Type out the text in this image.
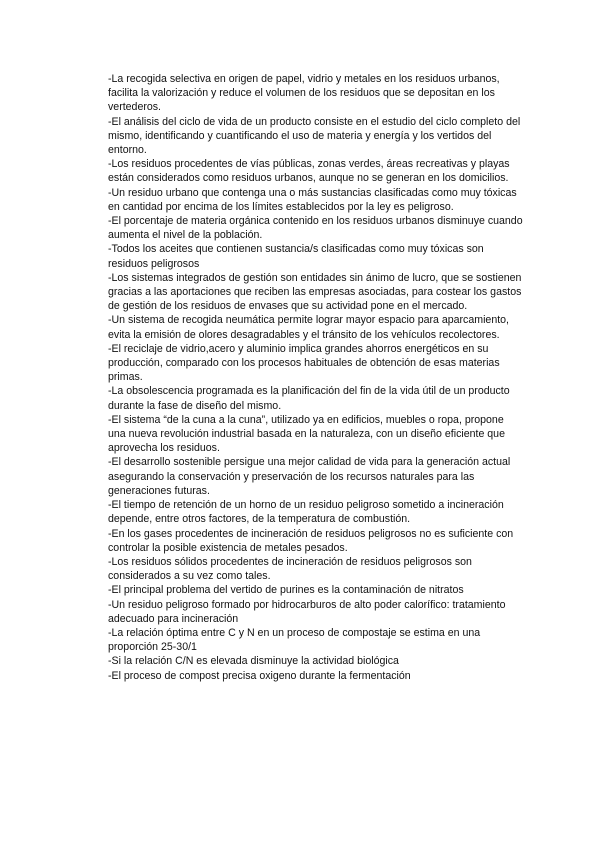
-La recogida selectiva en origen de papel, vidrio y metales en los residuos urbanos, facilita la valorización y reduce el volumen de los residuos que se depositan en los vertederos.

-El análisis del ciclo de vida de un producto consiste en el estudio del ciclo completo del mismo, identificando y cuantificando el uso de materia y energía y los vertidos del entorno.

-Los residuos procedentes de vías públicas, zonas verdes, áreas recreativas y playas están considerados como residuos urbanos, aunque no se generan en los domicilios.

-Un residuo urbano que contenga una o más sustancias clasificadas como muy tóxicas en cantidad por encima de los límites establecidos por la ley es peligroso.

-El porcentaje de materia orgánica contenido en los residuos urbanos disminuye cuando aumenta el nivel de la población.

-Todos los aceites que contienen sustancia/s clasificadas como muy tóxicas son residuos peligrosos

-Los sistemas integrados de gestión son entidades sin ánimo de lucro, que se sostienen gracias a las aportaciones que reciben las empresas asociadas, para costear los gastos de gestión de los residuos de envases que su actividad pone en el mercado.

-Un sistema de recogida neumática permite lograr mayor espacio para aparcamiento, evita la emisión de olores desagradables y el tránsito de los vehículos recolectores.

-El reciclaje de vidrio,acero y aluminio implica grandes ahorros energéticos en su producción, comparado con los procesos habituales de obtención de esas materias primas.

-La obsolescencia programada es la planificación del fin de la vida útil de un producto durante la fase de diseño del mismo.

-El sistema “de la cuna a la cuna”, utilizado ya en edificios, muebles o ropa, propone una nueva revolución industrial basada en la naturaleza, con un diseño eficiente que aprovecha los residuos.

-El desarrollo sostenible persigue una mejor calidad de vida para la generación actual asegurando la conservación y preservación de los recursos naturales para las generaciones futuras.

-El tiempo de retención de un horno de un residuo peligroso sometido a incineración depende, entre otros factores, de la temperatura de combustión.

-En los gases procedentes de incineración de residuos peligrosos no es suficiente con controlar la posible existencia de metales pesados.

-Los residuos sólidos procedentes de incineración de residuos peligrosos son considerados a su vez como tales.

-El principal problema del vertido de purines es la contaminación de nitratos

-Un residuo peligroso formado por hidrocarburos de alto poder calorífico: tratamiento adecuado para incineración

-La relación óptima entre C y N en un proceso de compostaje se estima en una proporción 25-30/1

-Si la relación C/N es elevada disminuye la actividad biológica

-El proceso de compost precisa oxigeno durante la fermentación
